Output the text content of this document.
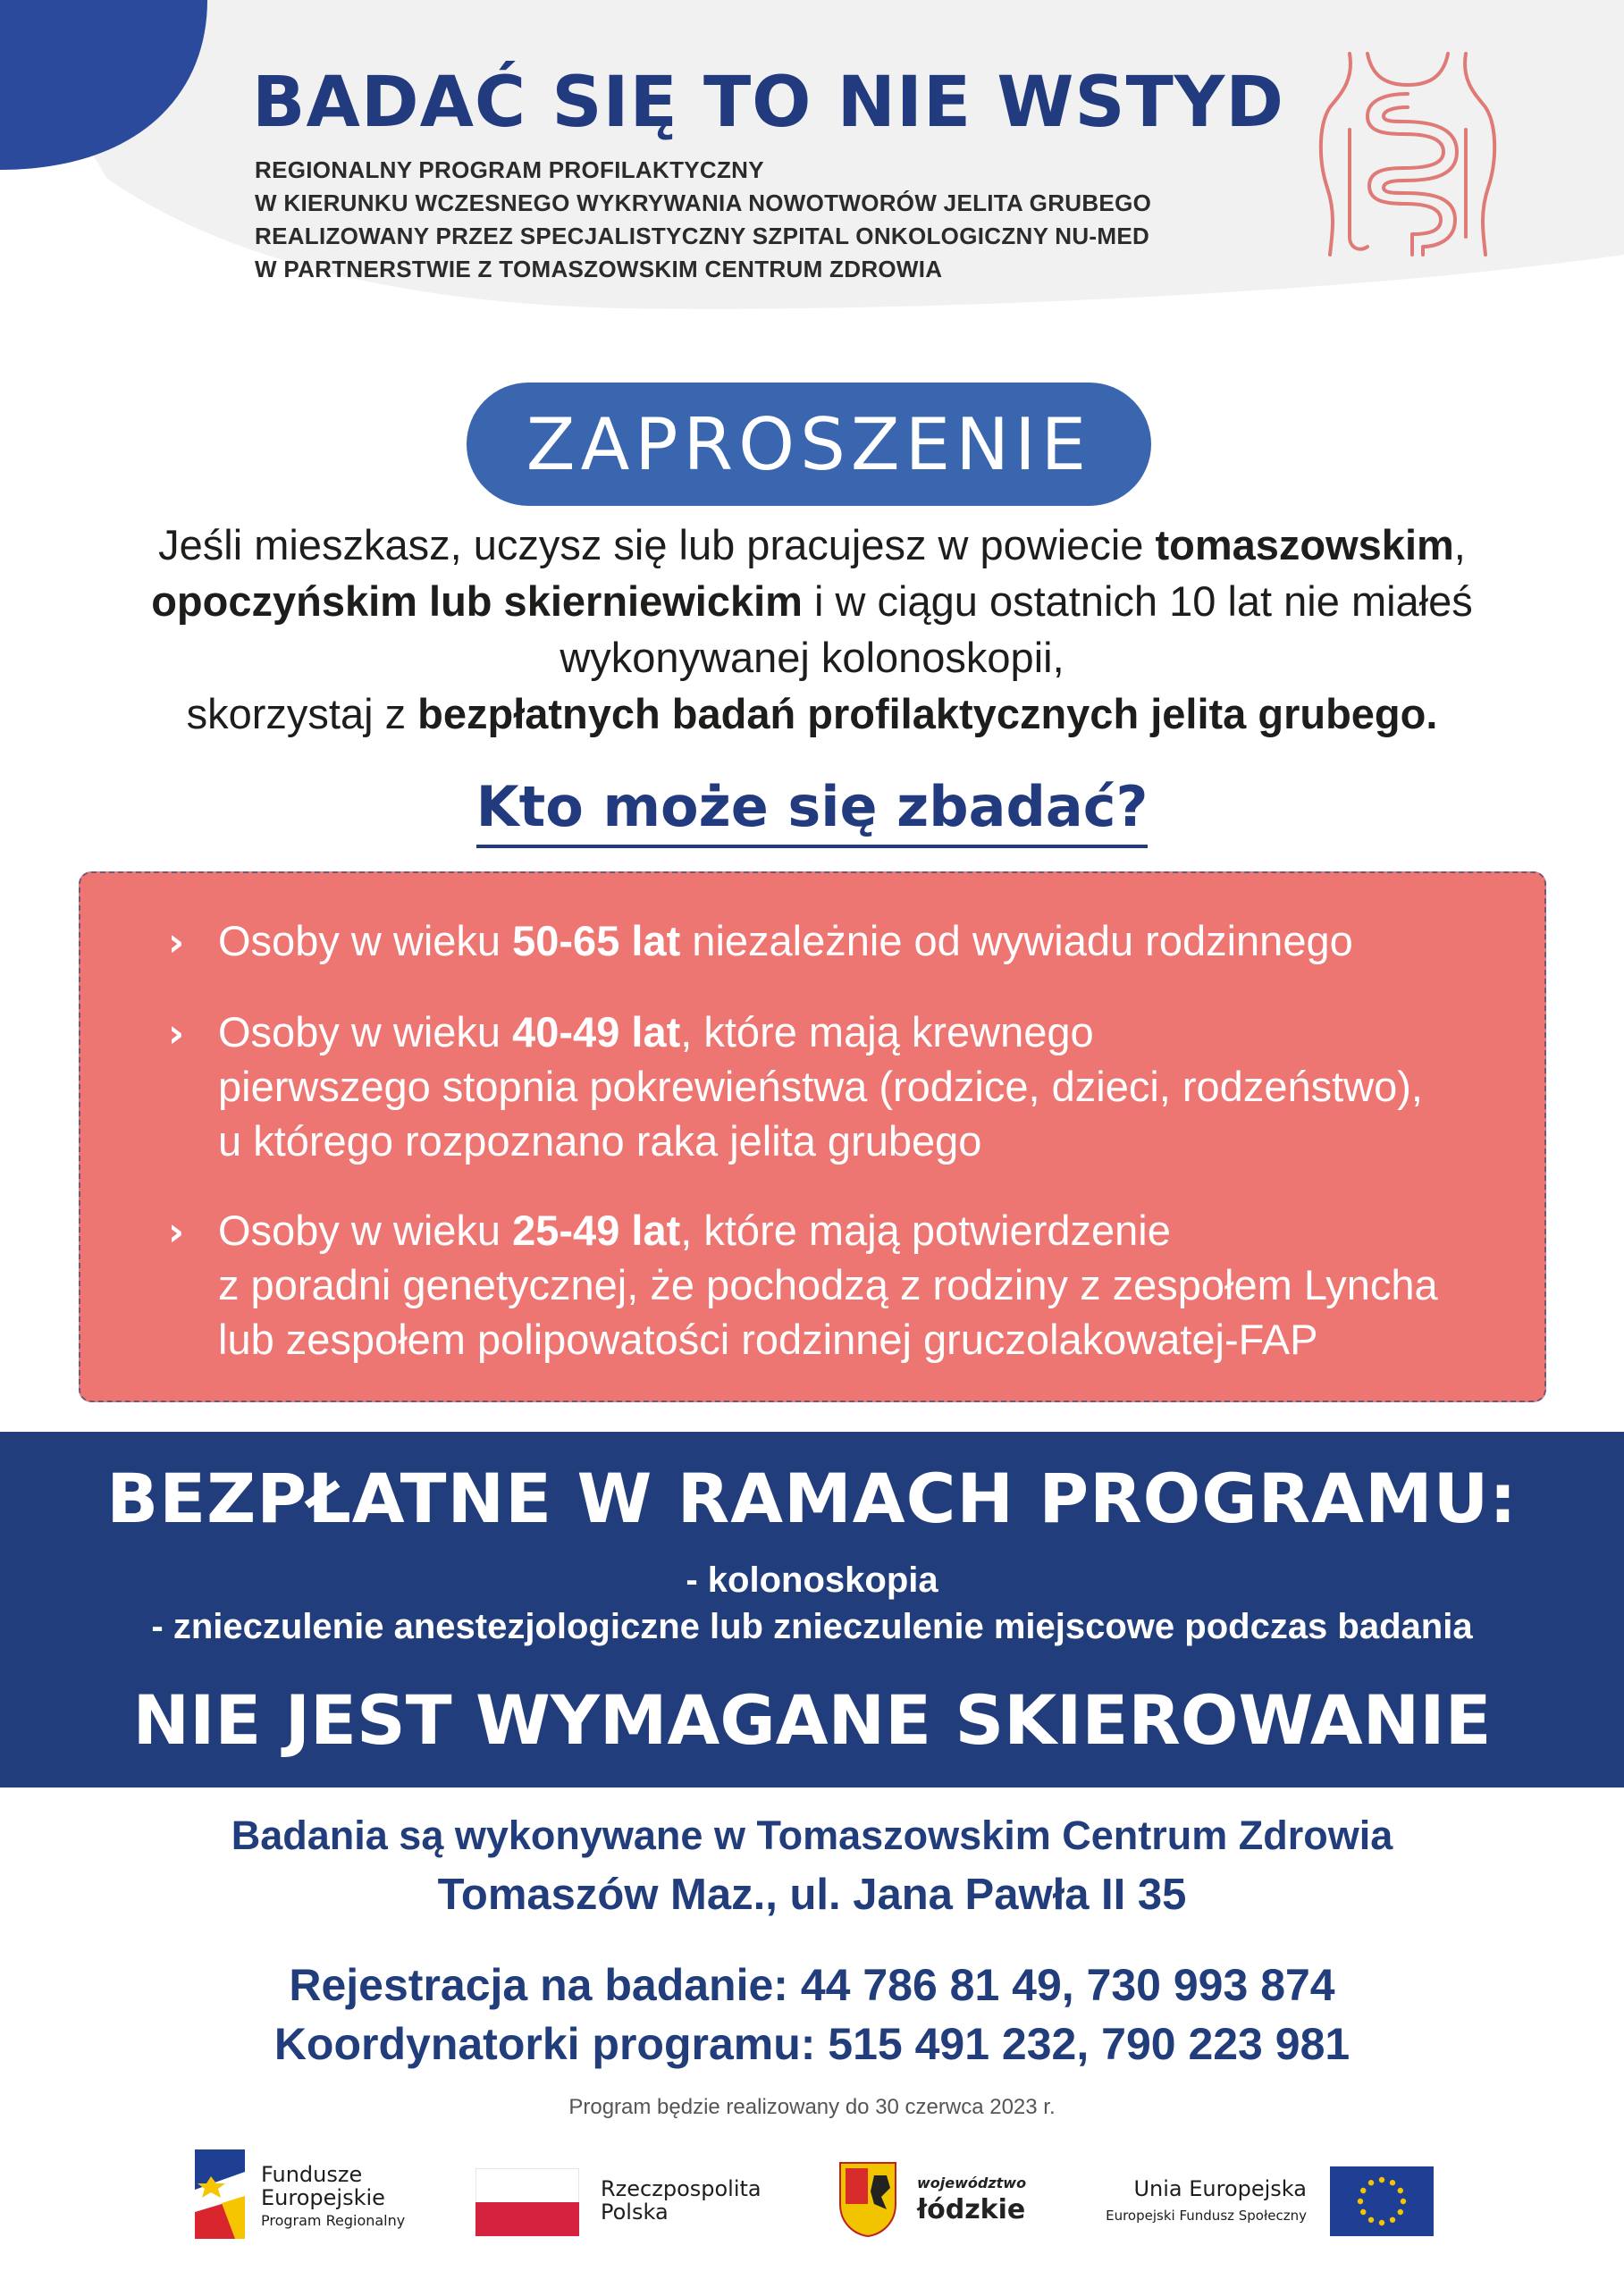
BADAĆ SIĘ TO NIE WSTYD
REGIONALNY PROGRAM PROFILAKTYCZNY
W KIERUNKU WCZESNEGO WYKRYWANIA NOWOTWORÓW JELITA GRUBEGO
REALIZOWANY PRZEZ SPECJALISTYCZNY SZPITAL ONKOLOGICZNY NU-MED
W PARTNERSTWIE Z TOMASZOWSKIM CENTRUM ZDROWIA
ZAPROSZENIE
Jeśli mieszkasz, uczysz się lub pracujesz w powiecie tomaszowskim,
opoczyńskim lub skierniewickim i w ciągu ostatnich 10 lat nie miałeś
wykonywanej kolonoskopii,
skorzystaj z bezpłatnych badań profilaktycznych jelita grubego.
Kto może się zbadać?
› Osoby w wieku 50-65 lat niezależnie od wywiadu rodzinnego
› Osoby w wieku 40-49 lat, które mają krewnego
pierwszego stopnia pokrewieństwa (rodzice, dzieci, rodzeństwo),
u którego rozpoznano raka jelita grubego
› Osoby w wieku 25-49 lat, które mają potwierdzenie
z poradni genetycznej, że pochodzą z rodziny z zespołem Lyncha
lub zespołem polipowatości rodzinnej gruczolakowatej-FAP
BEZPŁATNE W RAMACH PROGRAMU:
- kolonoskopia
- znieczulenie anestezjologiczne lub znieczulenie miejscowe podczas badania
NIE JEST WYMAGANE SKIEROWANIE
Badania są wykonywane w Tomaszowskim Centrum Zdrowia
Tomaszów Maz., ul. Jana Pawła II 35
Rejestracja na badanie: 44 786 81 49, 730 993 874
Koordynatorki programu: 515 491 232, 790 223 981
Program będzie realizowany do 30 czerwca 2023 r.
Fundusze
Europejskie
Program Regionalny
Rzeczpospolita
Polska
województwo
łódzkie
Unia Europejska
Europejski Fundusz Społeczny
